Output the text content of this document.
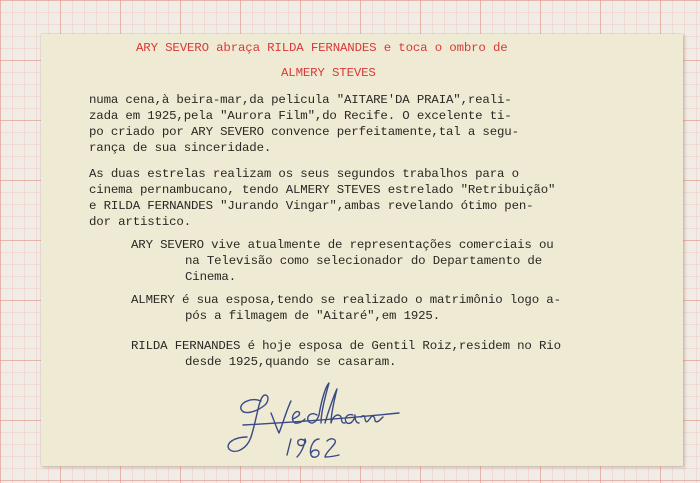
ARY SEVERO abraça RILDA FERNANDES e toca o ombro de
ALMERY STEVES
numa cena,à beira-mar,da pelicula "AITARE'DA PRAIA",reali-
zada em 1925,pela "Aurora Film",do Recife. O excelente ti-
po criado por ARY SEVERO convence perfeitamente,tal a segu-
rança de sua sinceridade.
As duas estrelas realizam os seus segundos trabalhos para o
cinema pernambucano, tendo ALMERY STEVES estrelado "Retribuição"
e RILDA FERNANDES "Jurando Vingar",ambas revelando ótimo pen-
dor artistico.
ARY SEVERO vive atualmente de representações comerciais ou
na Televisão como selecionador do Departamento de
Cinema.
ALMERY é sua esposa,tendo se realizado o matrimônio logo a-
pós a filmagem de "Aitaré",em 1925.
RILDA FERNANDES é hoje esposa de Gentil Roiz,residem no Rio
desde 1925,quando se casaram.
